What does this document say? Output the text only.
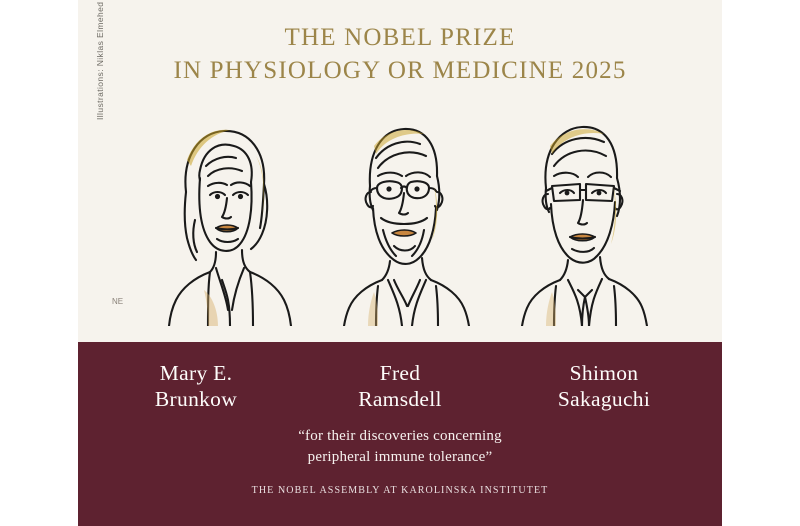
THE NOBEL PRIZE
IN PHYSIOLOGY OR MEDICINE 2025
Illustrations: Niklas Elmehed
NE
Mary E.
Brunkow
Fred
Ramsdell
Shimon
Sakaguchi
“for their discoveries concerning
peripheral immune tolerance”
THE NOBEL ASSEMBLY AT KAROLINSKA INSTITUTET
